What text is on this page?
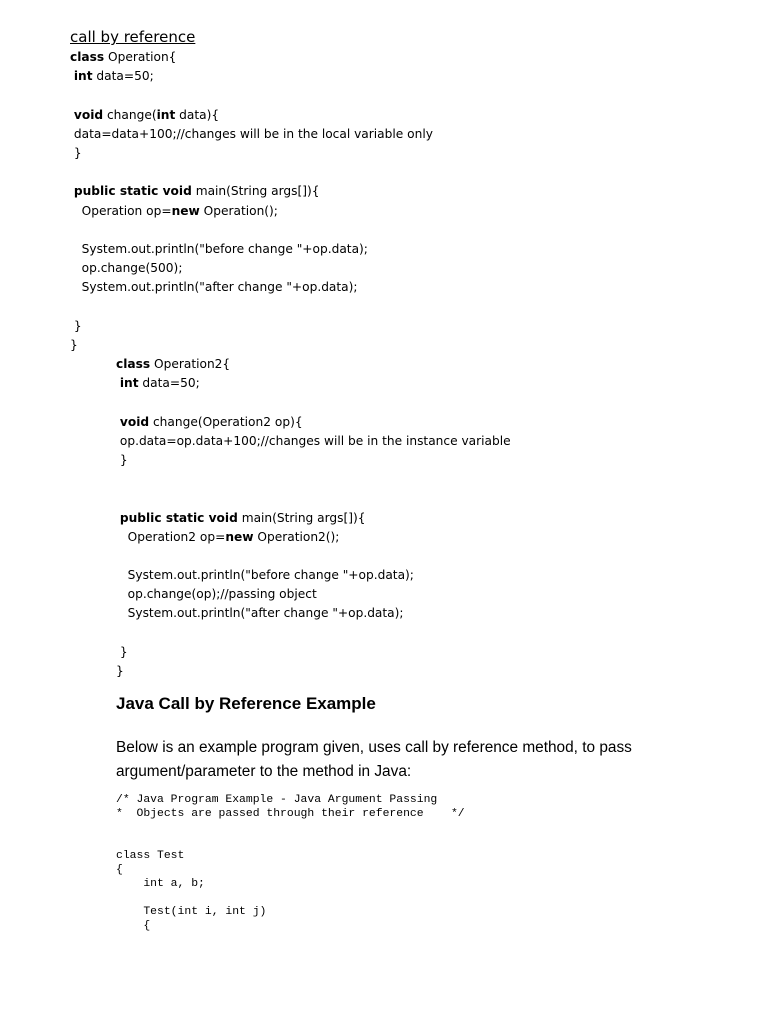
call by reference
class Operation{
int data=50;
void change(int data){
data=data+100;//changes will be in the local variable only
}
public static void main(String args[]){
Operation op=new Operation();
System.out.println("before change "+op.data);
op.change(500);
System.out.println("after change "+op.data);
}
}
class Operation2{
int data=50;
void change(Operation2 op){
op.data=op.data+100;//changes will be in the instance variable
}
public static void main(String args[]){
Operation2 op=new Operation2();
System.out.println("before change "+op.data);
op.change(op);//passing object
System.out.println("after change "+op.data);
}
}
Java Call by Reference Example
Below is an example program given, uses call by reference method, to pass argument/parameter to the method in Java:
/* Java Program Example - Java Argument Passing
*  Objects are passed through their reference    */

class Test
{
int a, b;

Test(int i, int j)
{
